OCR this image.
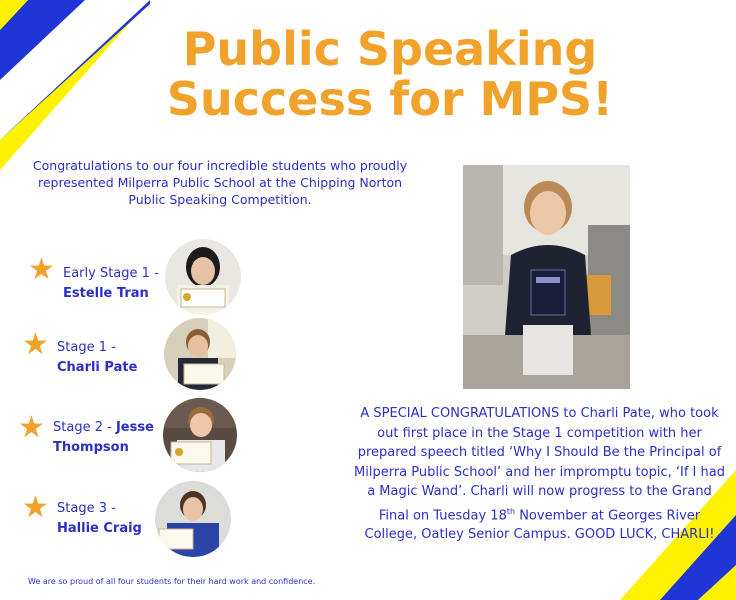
Public Speaking
Success for MPS!
Congratulations to our four incredible students who proudly represented Milperra Public School at the Chipping Norton Public Speaking Competition.
★ Early Stage 1 -
Estelle Tran
★ Stage 1 -
Charli Pate
★ Stage 2 - Jesse
Thompson
★ Stage 3 -
Hallie Craig
A SPECIAL CONGRATULATIONS to Charli Pate, who took out first place in the Stage 1 competition with her prepared speech titled ‘Why I Should Be the Principal of Milperra Public School’ and her impromptu topic, ‘If I had a Magic Wand’. Charli will now progress to the Grand Final on Tuesday 18th November at Georges River College, Oatley Senior Campus. GOOD LUCK, CHARLI!
We are so proud of all four students for their hard work and confidence.
